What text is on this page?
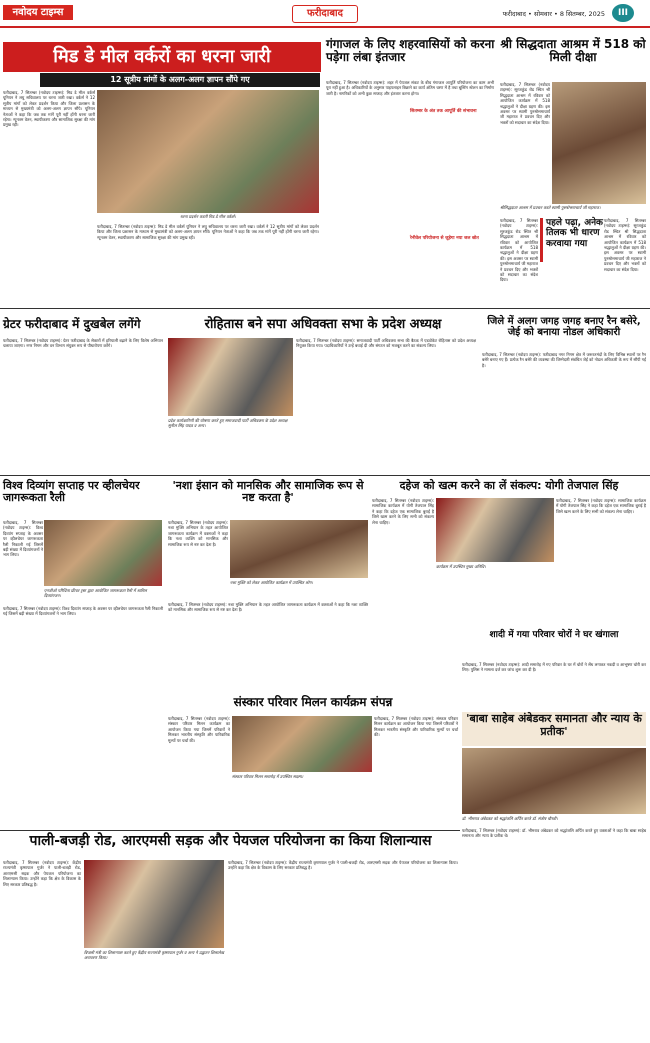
नवोदय टाइम्स	फरीदाबाद	फरीदाबाद • सोमवार • 8 सितम्बर, 2025	III
मिड डे मील वर्करों का धरना जारी
12 सूत्रीय मांगों के अलग-अलग ज्ञापन सौंपे गए
फरीदाबाद, 7 सितम्बर (नवोदय टाइम्स): मिड डे मील वर्कर्स यूनियन ने लघु सचिवालय पर धरना जारी रखा। वर्कर्स ने 12 सूत्रीय मांगों को लेकर प्रदर्शन किया और जिला प्रशासन के माध्यम से मुख्यमंत्री को अलग-अलग ज्ञापन सौंपे। यूनियन नेताओं ने कहा कि जब तक मांगें पूरी नहीं होंगी धरना जारी रहेगा। न्यूनतम वेतन, स्थायीकरण और सामाजिक सुरक्षा की मांग प्रमुख रही।
धरना प्रदर्शन करती मिड डे मील वर्कर्स।
फरीदाबाद, 7 सितम्बर (नवोदय टाइम्स): मिड डे मील वर्कर्स यूनियन ने लघु सचिवालय पर धरना जारी रखा। वर्कर्स ने 12 सूत्रीय मांगों को लेकर प्रदर्शन किया और जिला प्रशासन के माध्यम से मुख्यमंत्री को अलग-अलग ज्ञापन सौंपे। यूनियन नेताओं ने कहा कि जब तक मांगें पूरी नहीं होंगी धरना जारी रहेगा। न्यूनतम वेतन, स्थायीकरण और सामाजिक सुरक्षा की मांग प्रमुख रही।
गंगाजल के लिए शहरवासियों को करना पड़ेगा लंबा इंतजार
फरीदाबाद, 7 सितम्बर (नवोदय टाइम्स): शहर में पेयजल संकट के बीच गंगाजल आपूर्ति परियोजना का काम अभी पूरा नहीं हुआ है। अधिकारियों के अनुसार पाइपलाइन बिछाने का कार्य अंतिम चरण में है तथा बूस्टिंग स्टेशन का निर्माण जारी है। नागरिकों को अभी कुछ सप्ताह और इंतजार करना होगा।
सितम्बर के अंत तक आपूर्ति की संभावना
रेनीवेल परियोजना से जुड़ेगा नया जल स्रोत
श्री सिद्धदाता आश्रम में 518 को मिली दीक्षा
फरीदाबाद, 7 सितम्बर (नवोदय टाइम्स): सूरजकुंड रोड स्थित श्री सिद्धदाता आश्रम में रविवार को आयोजित कार्यक्रम में 518 श्रद्धालुओं ने दीक्षा ग्रहण की। इस अवसर पर स्वामी पुरुषोत्तमाचार्य जी महाराज ने प्रवचन दिए और भक्तों को सदाचार का संदेश दिया।
श्रीसिद्धदाता आश्रम में प्रवचन करते स्वामी पुरुषोत्तमाचार्य जी महाराज।
पहले पढ़ा, अनेक तिलक भी धारण करवाया गया
फरीदाबाद, 7 सितम्बर (नवोदय टाइम्स): सूरजकुंड रोड स्थित श्री सिद्धदाता आश्रम में रविवार को आयोजित कार्यक्रम में 518 श्रद्धालुओं ने दीक्षा ग्रहण की। इस अवसर पर स्वामी पुरुषोत्तमाचार्य जी महाराज ने प्रवचन दिए और भक्तों को सदाचार का संदेश दिया।
फरीदाबाद, 7 सितम्बर (नवोदय टाइम्स): सूरजकुंड रोड स्थित श्री सिद्धदाता आश्रम में रविवार को आयोजित कार्यक्रम में 518 श्रद्धालुओं ने दीक्षा ग्रहण की। इस अवसर पर स्वामी पुरुषोत्तमाचार्य जी महाराज ने प्रवचन दिए और भक्तों को सदाचार का संदेश दिया।
ग्रेटर फरीदाबाद में दुखबेल लगेंगे
फरीदाबाद, 7 सितम्बर (नवोदय टाइम्स): ग्रेटर फरीदाबाद के सेक्टरों में हरियाली बढ़ाने के लिए विशेष अभियान चलाया जाएगा। नगर निगम और वन विभाग संयुक्त रूप से पौधारोपण करेंगे।
रोहितास बने सपा अधिवक्ता सभा के प्रदेश अध्यक्ष
प्रदेश कार्यकारिणी की घोषणा करते हुए समाजवादी पार्टी अधिवक्ता के प्रदेश अध्यक्ष सुनील सिंह यादव व अन्य।
फरीदाबाद, 7 सितम्बर (नवोदय टाइम्स): समाजवादी पार्टी अधिवक्ता सभा की बैठक में एडवोकेट रोहितास को प्रदेश अध्यक्ष नियुक्त किया गया। पदाधिकारियों ने उन्हें बधाई दी और संगठन को मजबूत करने का संकल्प लिया।
जिले में अलग जगह जगह बनाए रैन बसेरे, जेई को बनाया नोडल अधिकारी
फरीदाबाद, 7 सितम्बर (नवोदय टाइम्स): फरीदाबाद नगर निगम क्षेत्र में जरूरतमंदों के लिए विभिन्न स्थानों पर रैन बसेरे बनाए गए हैं। प्रत्येक रैन बसेरे की व्यवस्था की जिम्मेदारी संबंधित जेई को नोडल अधिकारी के रूप में सौंपी गई है।
विश्व दिव्यांग सप्ताह पर व्हीलचेयर जागरूकता रैली
एनजीओ परिचिंता फ्रीचर ट्रस्ट द्वारा आयोजित जागरूकता रैली में शामिल दिव्यांगजन।
फरीदाबाद, 7 सितम्बर (नवोदय टाइम्स): विश्व दिव्यांग सप्ताह के अवसर पर व्हीलचेयर जागरूकता रैली निकाली गई जिसमें बड़ी संख्या में दिव्यांगजनों ने भाग लिया।
फरीदाबाद, 7 सितम्बर (नवोदय टाइम्स): विश्व दिव्यांग सप्ताह के अवसर पर व्हीलचेयर जागरूकता रैली निकाली गई जिसमें बड़ी संख्या में दिव्यांगजनों ने भाग लिया।
'नशा इंसान को मानसिक और सामाजिक रूप से नष्ट करता है'
फरीदाबाद, 7 सितम्बर (नवोदय टाइम्स): नशा मुक्ति अभियान के तहत आयोजित जागरूकता कार्यक्रम में वक्ताओं ने कहा कि नशा व्यक्ति को मानसिक और सामाजिक रूप से नष्ट कर देता है।
नशा मुक्ति को लेकर आयोजित कार्यक्रम में उपस्थित लोग।
फरीदाबाद, 7 सितम्बर (नवोदय टाइम्स): नशा मुक्ति अभियान के तहत आयोजित जागरूकता कार्यक्रम में वक्ताओं ने कहा कि नशा व्यक्ति को मानसिक और सामाजिक रूप से नष्ट कर देता है।
दहेज को खत्म करने का लें संकल्प: योगी तेजपाल सिंह
फरीदाबाद, 7 सितम्बर (नवोदय टाइम्स): सामाजिक कार्यक्रम में योगी तेजपाल सिंह ने कहा कि दहेज एक सामाजिक बुराई है जिसे खत्म करने के लिए सभी को संकल्प लेना चाहिए।
कार्यक्रम में उपस्थित मुख्य अतिथि।
फरीदाबाद, 7 सितम्बर (नवोदय टाइम्स): सामाजिक कार्यक्रम में योगी तेजपाल सिंह ने कहा कि दहेज एक सामाजिक बुराई है जिसे खत्म करने के लिए सभी को संकल्प लेना चाहिए।
संस्कार परिवार मिलन कार्यक्रम संपन्न
फरीदाबाद, 7 सितम्बर (नवोदय टाइम्स): संस्कार परिवार मिलन कार्यक्रम का आयोजन किया गया जिसमें परिवारों ने मिलकर भारतीय संस्कृति और पारिवारिक मूल्यों पर चर्चा की।
संस्कार परिवार मिलन समारोह में उपस्थित सदस्य।
फरीदाबाद, 7 सितम्बर (नवोदय टाइम्स): संस्कार परिवार मिलन कार्यक्रम का आयोजन किया गया जिसमें परिवारों ने मिलकर भारतीय संस्कृति और पारिवारिक मूल्यों पर चर्चा की।
शादी में गया परिवार चोरों ने घर खंगाला
फरीदाबाद, 7 सितम्बर (नवोदय टाइम्स): शादी समारोह में गए परिवार के घर में चोरों ने सेंध लगाकर नकदी व आभूषण चोरी कर लिए। पुलिस ने मामला दर्ज कर जांच शुरू कर दी है।
'बाबा साहेब अंबेडकर समानता और न्याय के प्रतीक'
डॉ. भीमराव अंबेडकर को श्रद्धांजलि अर्पित करते डॉ. संतोष चौधरी।
पाली-बजड़ी रोड, आरएमसी सड़क और पेयजल परियोजना का किया शिलान्यास
फरीदाबाद, 7 सितम्बर (नवोदय टाइम्स): केंद्रीय राज्यमंत्री कृष्णपाल गुर्जर ने पाली-बजड़ी रोड, आरएमसी सड़क और पेयजल परियोजना का शिलान्यास किया। उन्होंने कहा कि क्षेत्र के विकास के लिए सरकार प्रतिबद्ध है।
बिजली मंत्री का शिलान्यास करते हुए केंद्रीय राज्यमंत्री कृष्णपाल गुर्जर व अन्य ने उद्घाटन शिलालेख अनावरण किया।
फरीदाबाद, 7 सितम्बर (नवोदय टाइम्स): केंद्रीय राज्यमंत्री कृष्णपाल गुर्जर ने पाली-बजड़ी रोड, आरएमसी सड़क और पेयजल परियोजना का शिलान्यास किया। उन्होंने कहा कि क्षेत्र के विकास के लिए सरकार प्रतिबद्ध है।
फरीदाबाद, 7 सितम्बर (नवोदय टाइम्स): डॉ. भीमराव अंबेडकर को श्रद्धांजलि अर्पित करते हुए वक्ताओं ने कहा कि बाबा साहेब समानता और न्याय के प्रतीक थे।
